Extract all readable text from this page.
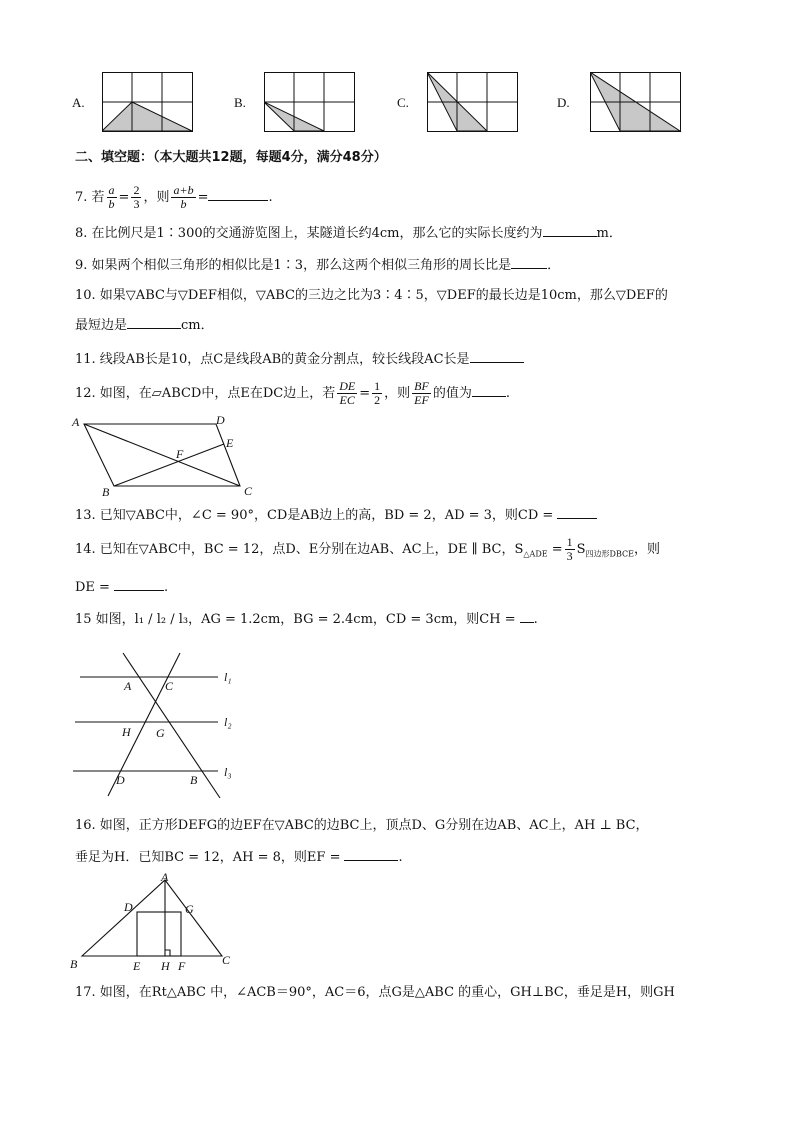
A.	B.	C.	D.
二、填空题：（本大题共12题，每题4分，满分48分）
7. 若 $\frac{a}{b} = \frac{2}{3}$ ，则 $\frac{a+b}{b}$ =	.
8. 在比例尺是1∶300的交通游览图上，某隧道长约4cm，那么它的实际长度约为	m．
9. 如果两个相似三角形的相似比是1∶3，那么这两个相似三角形的周长比是	．
10. 如果▽ABC与▽DEF相似，▽ABC的三边之比为3∶4∶5，▽DEF的最长边是10cm，那么▽DEF的
最短边是	cm．
11. 线段AB长是10，点C是线段AB的黄金分割点，较长线段AC长是
12. 如图，在▱ABCD中，点E在DC边上，若 $\frac{DE}{EC} = \frac{1}{2}$ ，则 $\frac{BF}{EF}$ 的值为	.
A	D
E
F
B	C
13. 已知▽ABC中，∠C = 90°，CD是AB边上的高，BD = 2，AD = 3，则CD =
14. 已知在▽ABC中，BC = 12，点D、E分别在边AB、AC上，DE ∥ BC，$S_{\triangle ADE} = \frac{1}{3} S_{四边形DBCE}$，则
DE =	.
15 如图，l₁ / l₂ / l₃，AG = 1.2cm，BG = 2.4cm，CD = 3cm，则CH = .
A	C
H G
D	B
l₁
l₂
l₃
16. 如图，正方形DEFG的边EF在▽ABC的边BC上，顶点D、G分别在边AB、AC上，AH ⊥ BC，
垂足为H．已知BC = 12，AH = 8，则EF =	.
A
D	G
B	E H F	C
17. 如图，在Rt△ABC 中，∠ACB＝90°，AC＝6，点G是△ABC 的重心，GH⊥BC，垂足是H，则GH
